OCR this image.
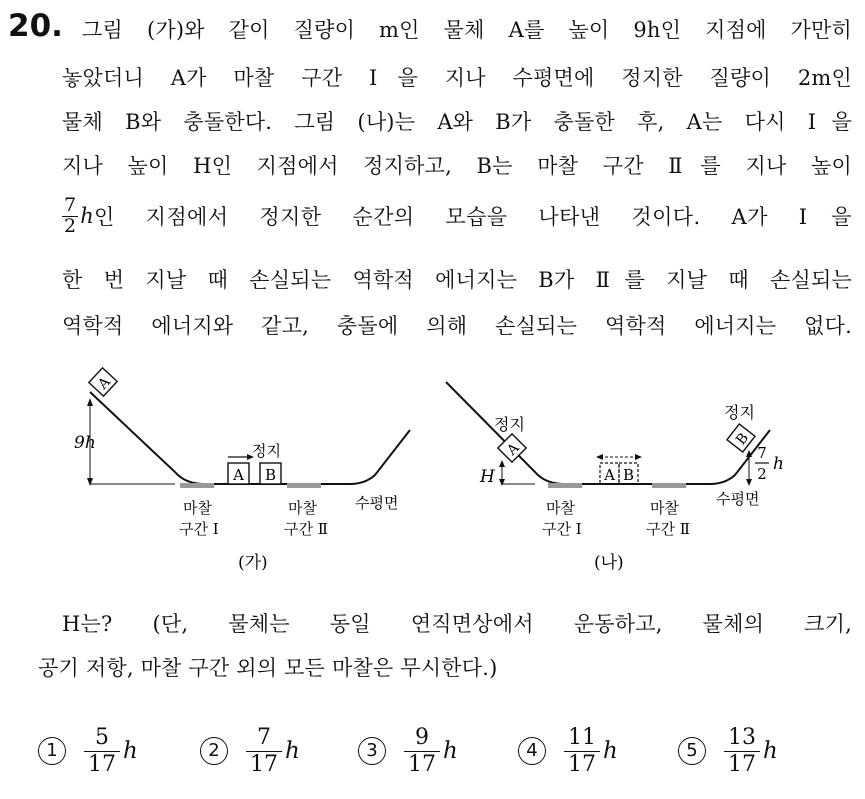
20. 그림 (가)와 같이 질량이 m인 물체 A를 높이 9h인 지점에 가만히
놓았더니 A가 마찰 구간 Ⅰ을 지나 수평면에 정지한 질량이 2m인
물체 B와 충돌한다. 그림 (나)는 A와 B가 충돌한 후, A는 다시 Ⅰ을
지나 높이 H인 지점에서 정지하고, B는 마찰 구간 Ⅱ를 지나 높이
$\frac{7}{2}$ h 인 지점에서 정지한 순간의 모습을 나타낸 것이다. A가 Ⅰ을
한 번 지날 때 손실되는 역학적 에너지는 B가 Ⅱ를 지날 때 손실되는
역학적 에너지와 같고, 충돌에 의해 손실되는 역학적 에너지는 없다.
9h
A
A B
정지
마찰
구간 Ⅰ
마찰
구간 Ⅱ
수평면
(가)
A
정지
H	A B
B
정지
7
2 h
마찰
구간 Ⅰ
마찰
구간 Ⅱ
수평면
(나)
H는? (단, 물체는 동일 연직면상에서 운동하고, 물체의 크기,
공기 저항, 마찰 구간 외의 모든 마찰은 무시한다.)
1	$\frac{5}{17}$ h	2	$\frac{7}{17}$ h	3	$\frac{9}{17}$ h	4	$\frac{11}{17}$ h	5	$\frac{13}{17}$ h
